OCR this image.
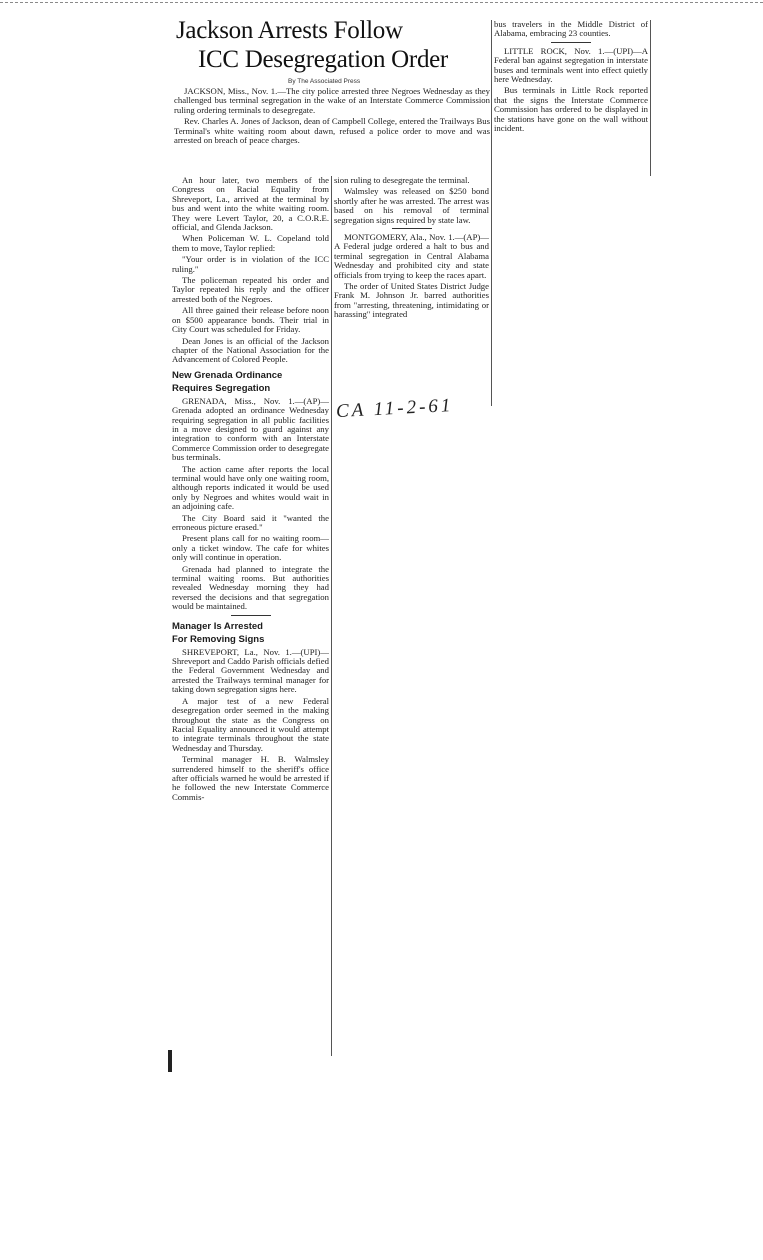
Jackson Arrests Follow
ICC Desegregation Order
By The Associated Press

JACKSON, Miss., Nov. 1.—The city police arrested three Negroes Wednesday as they challenged bus terminal segregation in the wake of an Interstate Commerce Commission ruling ordering terminals to desegregate.

Rev. Charles A. Jones of Jackson, dean of Campbell College, entered the Trailways Bus Terminal's white waiting room about dawn, refused a police order to move and was arrested on breach of peace charges.

An hour later, two members of the Congress on Racial Equality from Shreveport, La., arrived at the terminal by bus and went into the white waiting room. They were Levert Taylor, 20, a C.O.R.E. official, and Glenda Jackson.

When Policeman W. L. Copeland told them to move, Taylor replied:

"Your order is in violation of the ICC ruling."

The policeman repeated his order and Taylor repeated his reply and the officer arrested both of the Negroes.

All three gained their release before noon on $500 appearance bonds. Their trial in City Court was scheduled for Friday.

Dean Jones is an official of the Jackson chapter of the National Association for the Advancement of Colored People.

New Grenada Ordinance
Requires Segregation

GRENADA, Miss., Nov. 1.—(AP)—Grenada adopted an ordinance Wednesday requiring segregation in all public facilities in a move designed to guard against any integration to conform with an Interstate Commerce Commission order to desegregate bus terminals.

The action came after reports the local terminal would have only one waiting room, although reports indicated it would be used only by Negroes and whites would wait in an adjoining cafe.

The City Board said it "wanted the erroneous picture erased."

Present plans call for no waiting room—only a ticket window. The cafe for whites only will continue in operation.

Grenada had planned to integrate the terminal waiting rooms. But authorities revealed Wednesday morning they had reversed the decisions and that segregation would be maintained.

Manager Is Arrested
For Removing Signs

SHREVEPORT, La., Nov. 1.—(UPI)—Shreveport and Caddo Parish officials defied the Federal Government Wednesday and arrested the Trailways terminal manager for taking down segregation signs here.

A major test of a new Federal desegregation order seemed in the making throughout the state as the Congress on Racial Equality announced it would attempt to integrate terminals throughout the state Wednesday and Thursday.

Terminal manager H. B. Walmsley surrendered himself to the sheriff's office after officials warned he would be arrested if he followed the new Interstate Commerce Commis-

sion ruling to desegregate the terminal.

Walmsley was released on $250 bond shortly after he was arrested. The arrest was based on his removal of terminal segregation signs required by state law.

MONTGOMERY, Ala., Nov. 1.—(AP)—A Federal judge ordered a halt to bus and terminal segregation in Central Alabama Wednesday and prohibited city and state officials from trying to keep the races apart.

The order of United States District Judge Frank M. Johnson Jr. barred authorities from "arresting, threatening, intimidating or harassing" integrated

bus travelers in the Middle District of Alabama, embracing 23 counties.

LITTLE ROCK, Nov. 1.—(UPI)—A Federal ban against segregation in interstate buses and terminals went into effect quietly here Wednesday.

Bus terminals in Little Rock reported that the signs the Interstate Commerce Commission has ordered to be displayed in the stations have gone on the wall without incident.

CA 11-2-61
